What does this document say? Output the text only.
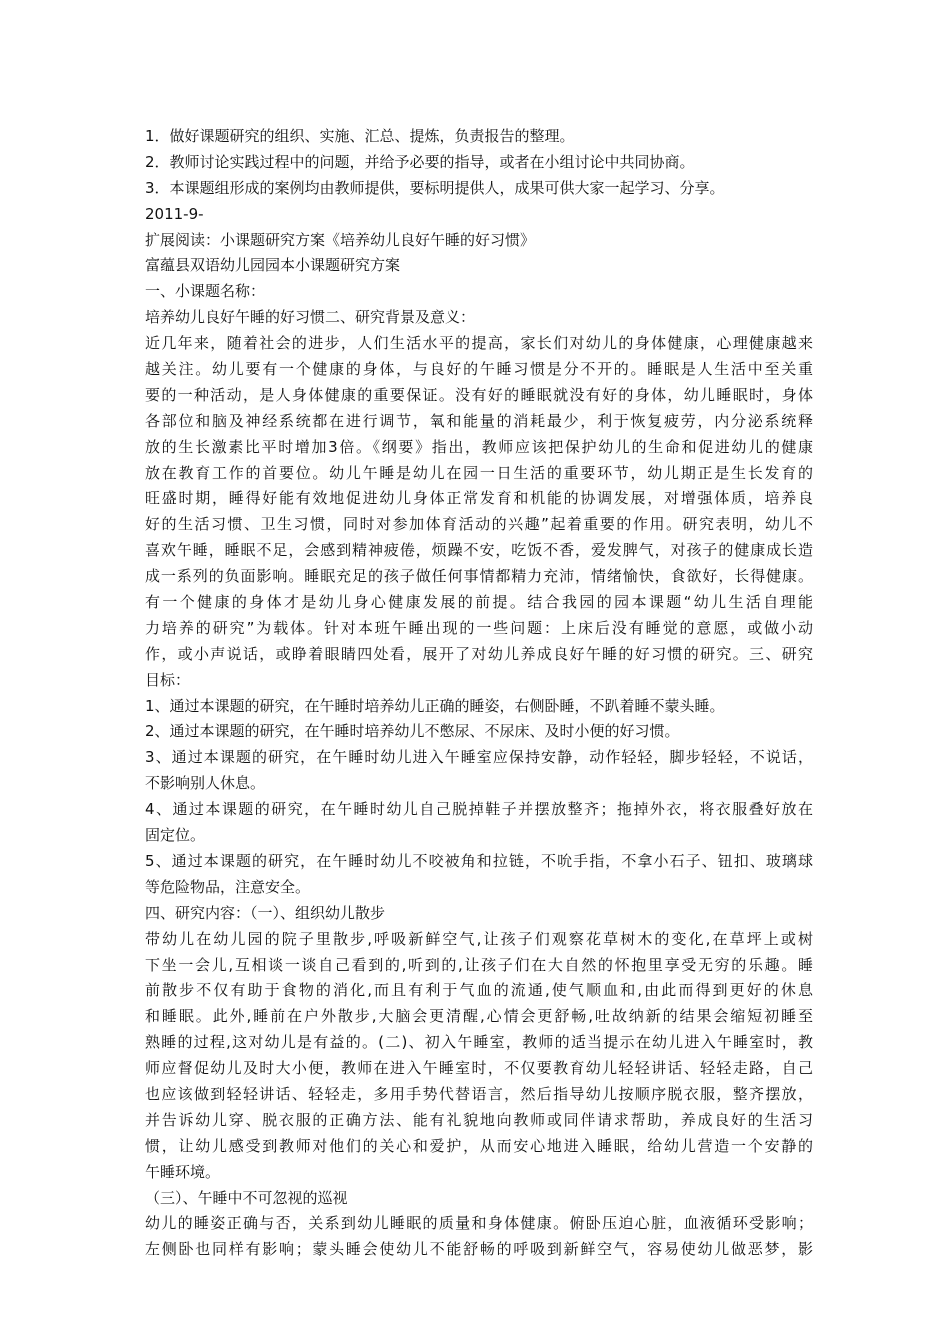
1．做好课题研究的组织、实施、汇总、提炼，负责报告的整理。
2．教师讨论实践过程中的问题，并给予必要的指导，或者在小组讨论中共同协商。
3．本课题组形成的案例均由教师提供，要标明提供人，成果可供大家一起学习、分享。
2011-9-
扩展阅读：小课题研究方案《培养幼儿良好午睡的好习惯》
富蕴县双语幼儿园园本小课题研究方案
一、小课题名称：
培养幼儿良好午睡的好习惯二、研究背景及意义：
近几年来，随着社会的进步，人们生活水平的提高，家长们对幼儿的身体健康，心理健康越来
越关注。幼儿要有一个健康的身体，与良好的午睡习惯是分不开的。睡眠是人生活中至关重
要的一种活动，是人身体健康的重要保证。没有好的睡眠就没有好的身体，幼儿睡眠时，身体
各部位和脑及神经系统都在进行调节，氧和能量的消耗最少，利于恢复疲劳，内分泌系统释
放的生长激素比平时增加3倍。《纲要》指出，教师应该把保护幼儿的生命和促进幼儿的健康
放在教育工作的首要位。幼儿午睡是幼儿在园一日生活的重要环节，幼儿期正是生长发育的
旺盛时期，睡得好能有效地促进幼儿身体正常发育和机能的协调发展，对增强体质，培养良
好的生活习惯、卫生习惯，同时对参加体育活动的兴趣”起着重要的作用。研究表明，幼儿不
喜欢午睡，睡眠不足，会感到精神疲倦，烦躁不安，吃饭不香，爱发脾气，对孩子的健康成长造
成一系列的负面影响。睡眠充足的孩子做任何事情都精力充沛，情绪愉快，食欲好，长得健康。
有一个健康的身体才是幼儿身心健康发展的前提。结合我园的园本课题“幼儿生活自理能
力培养的研究”为载体。针对本班午睡出现的一些问题：上床后没有睡觉的意愿，或做小动
作，或小声说话，或睁着眼睛四处看，展开了对幼儿养成良好午睡的好习惯的研究。三、研究
目标：
1、通过本课题的研究，在午睡时培养幼儿正确的睡姿，右侧卧睡，不趴着睡不蒙头睡。
2、通过本课题的研究，在午睡时培养幼儿不憋尿、不尿床、及时小便的好习惯。
3、通过本课题的研究，在午睡时幼儿进入午睡室应保持安静，动作轻轻，脚步轻轻，不说话，
不影响别人休息。
4、通过本课题的研究，在午睡时幼儿自己脱掉鞋子并摆放整齐；拖掉外衣，将衣服叠好放在
固定位。
5、通过本课题的研究，在午睡时幼儿不咬被角和拉链，不吮手指，不拿小石子、钮扣、玻璃球
等危险物品，注意安全。
四、研究内容：（一）、组织幼儿散步
带幼儿在幼儿园的院子里散步,呼吸新鲜空气,让孩子们观察花草树木的变化,在草坪上或树
下坐一会儿,互相谈一谈自己看到的,听到的,让孩子们在大自然的怀抱里享受无穷的乐趣。睡
前散步不仅有助于食物的消化,而且有利于气血的流通,使气顺血和,由此而得到更好的休息
和睡眠。此外,睡前在户外散步,大脑会更清醒,心情会更舒畅,吐故纳新的结果会缩短初睡至
熟睡的过程,这对幼儿是有益的。(二)、初入午睡室，教师的适当提示在幼儿进入午睡室时，教
师应督促幼儿及时大小便，教师在进入午睡室时，不仅要教育幼儿轻轻讲话、轻轻走路，自己
也应该做到轻轻讲话、轻轻走，多用手势代替语言，然后指导幼儿按顺序脱衣服，整齐摆放，
并告诉幼儿穿、脱衣服的正确方法、能有礼貌地向教师或同伴请求帮助，养成良好的生活习
惯，让幼儿感受到教师对他们的关心和爱护，从而安心地进入睡眠，给幼儿营造一个安静的
午睡环境。
（三）、午睡中不可忽视的巡视
幼儿的睡姿正确与否，关系到幼儿睡眠的质量和身体健康。俯卧压迫心脏，血液循环受影响；
左侧卧也同样有影响；蒙头睡会使幼儿不能舒畅的呼吸到新鲜空气，容易使幼儿做恶梦，影
